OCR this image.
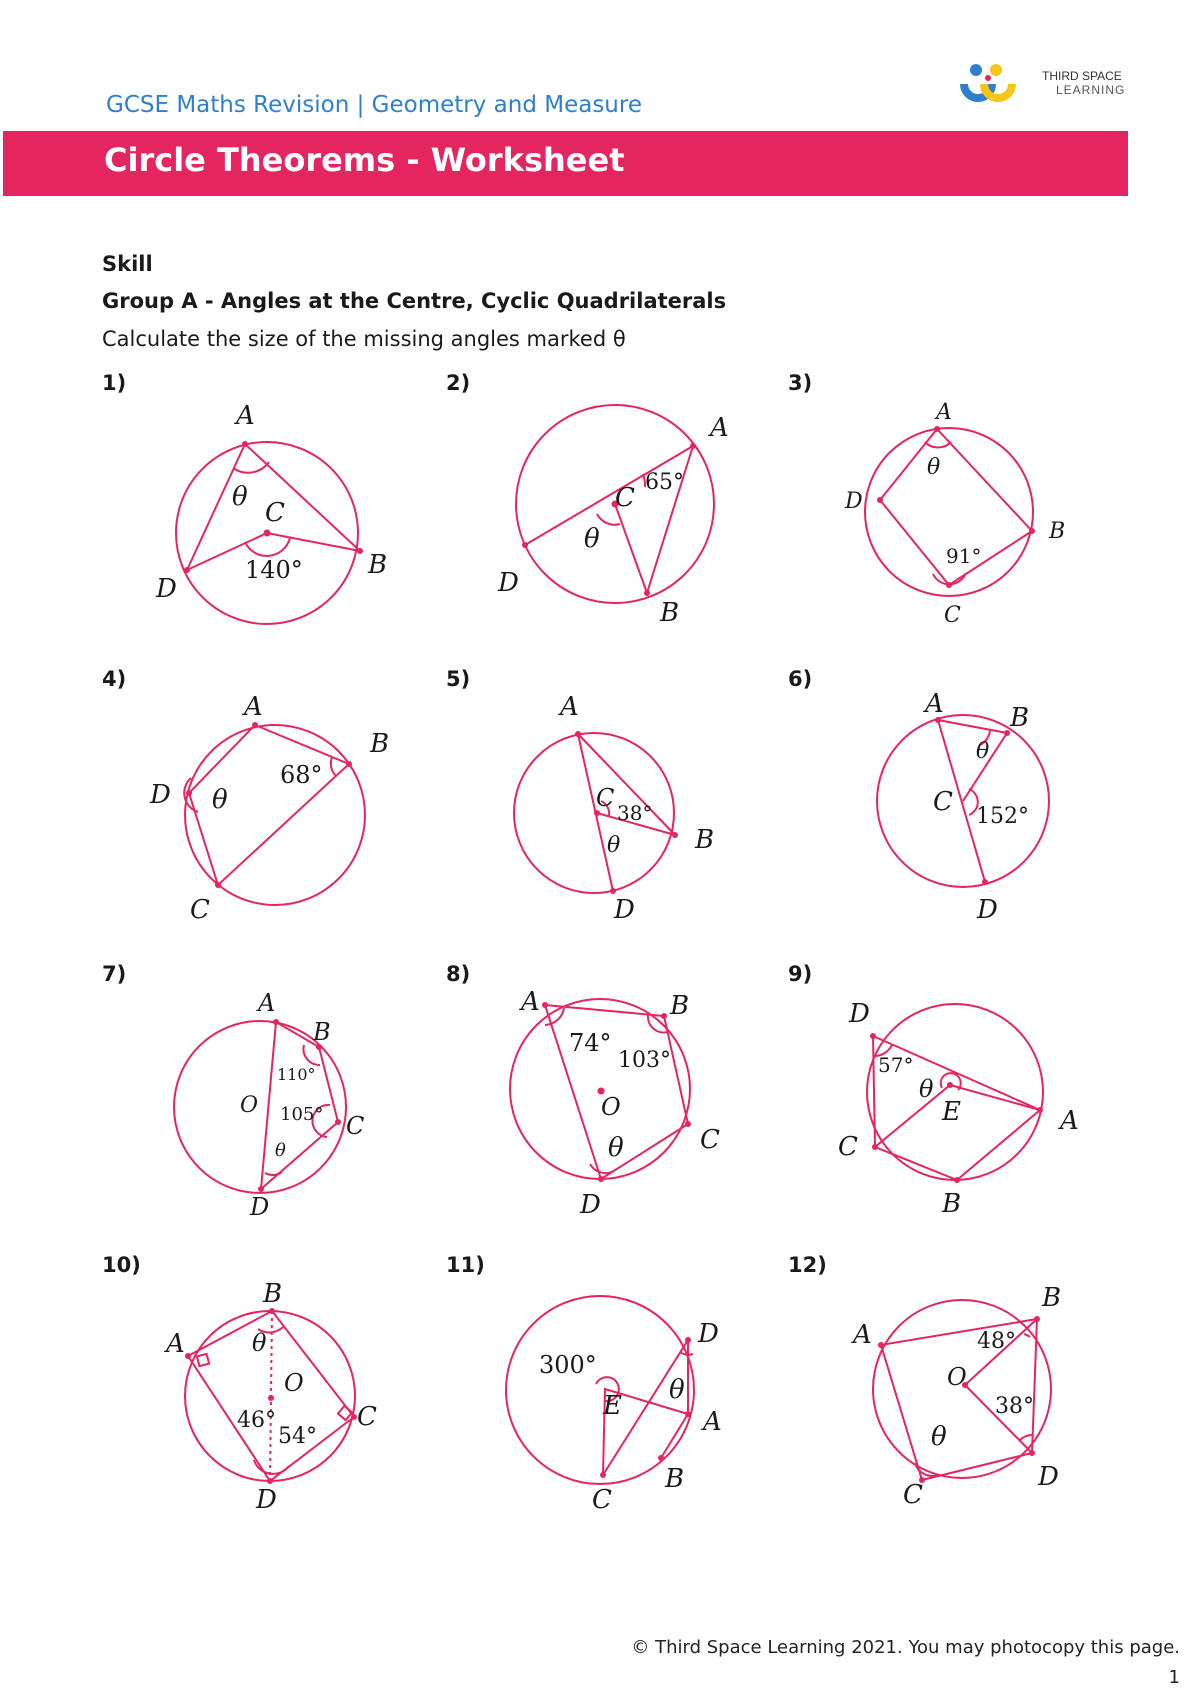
GCSE Maths Revision | Geometry and Measure
THIRD SPACE
LEARNING
Circle Theorems - Worksheet
Skill
Group A - Angles at the Centre, Cyclic Quadrilaterals
Calculate the size of the missing angles marked θ
1)	2)	3)
4)	5)	6)
7)	8)	9)
10)	11)	12)
A
C
B
D
θ
140°
A
C
D
B
θ
65°
A
D
B
C
θ
91°
A
B
D
C
θ
68°
A
C
B
D
θ
38°
A	B
C
D
θ
152°
A
B
O
C
D
θ
110°
105°
A	B
O
C
D
θ
74°
103°
D
E	A
C
B
θ
57°
B
A
O
C
D
θ
46°
54°
D
E
A
C
B
θ
300°
B
A
O
D
C
θ
48°
38°
© Third Space Learning 2021. You may photocopy this page.
1
